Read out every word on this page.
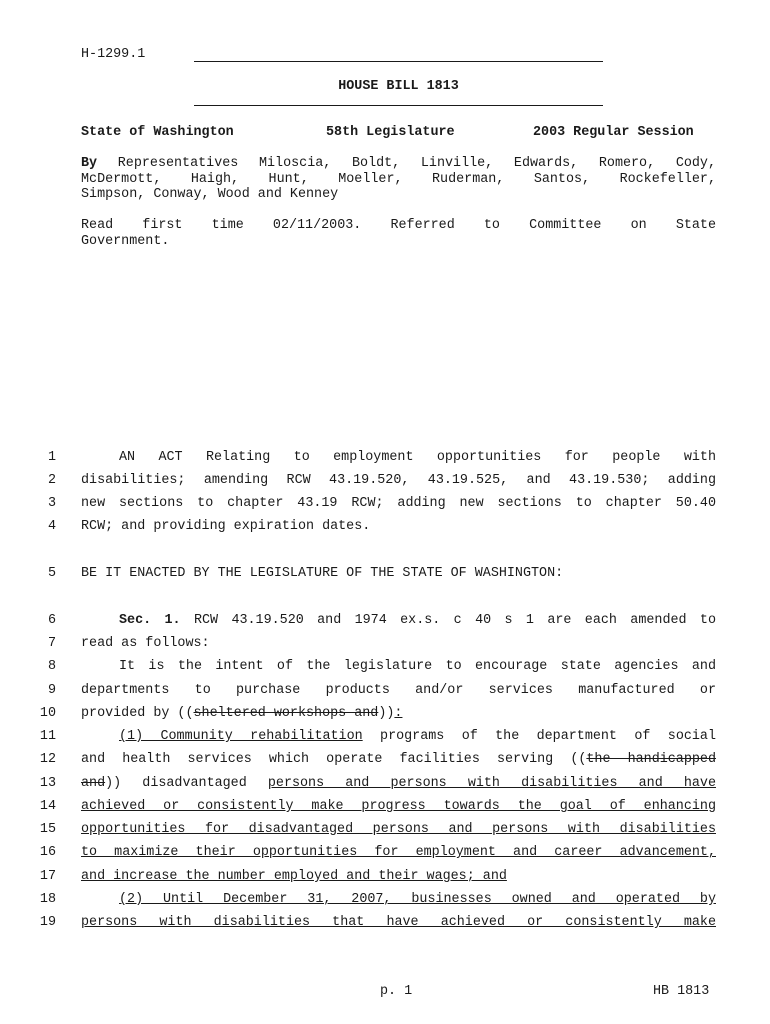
H-1299.1
HOUSE BILL 1813
State of Washington	58th Legislature	2003 Regular Session
By Representatives Miloscia, Boldt, Linville, Edwards, Romero, Cody,
McDermott, Haigh, Hunt, Moeller, Ruderman, Santos, Rockefeller,
Simpson, Conway, Wood and Kenney
Read first time 02/11/2003. Referred to Committee on State
Government.
1
2
3
4
5
6
7
8
9
10
11
12
13
14
15
16
17
18
19
AN ACT Relating to employment opportunities for people with
disabilities; amending RCW 43.19.520, 43.19.525, and 43.19.530; adding
new sections to chapter 43.19 RCW; adding new sections to chapter 50.40
RCW; and providing expiration dates.
BE IT ENACTED BY THE LEGISLATURE OF THE STATE OF WASHINGTON:
Sec. 1. RCW 43.19.520 and 1974 ex.s. c 40 s 1 are each amended to
read as follows:
It is the intent of the legislature to encourage state agencies and
departments to purchase products and/or services manufactured or
provided by ((sheltered workshops and)):
(1) Community rehabilitation programs of the department of social
and health services which operate facilities serving ((the handicapped
and)) disadvantaged persons and persons with disabilities and have
achieved or consistently make progress towards the goal of enhancing
opportunities for disadvantaged persons and persons with disabilities
to maximize their opportunities for employment and career advancement,
and increase the number employed and their wages; and
(2) Until December 31, 2007, businesses owned and operated by
persons with disabilities that have achieved or consistently make
p. 1	HB 1813
